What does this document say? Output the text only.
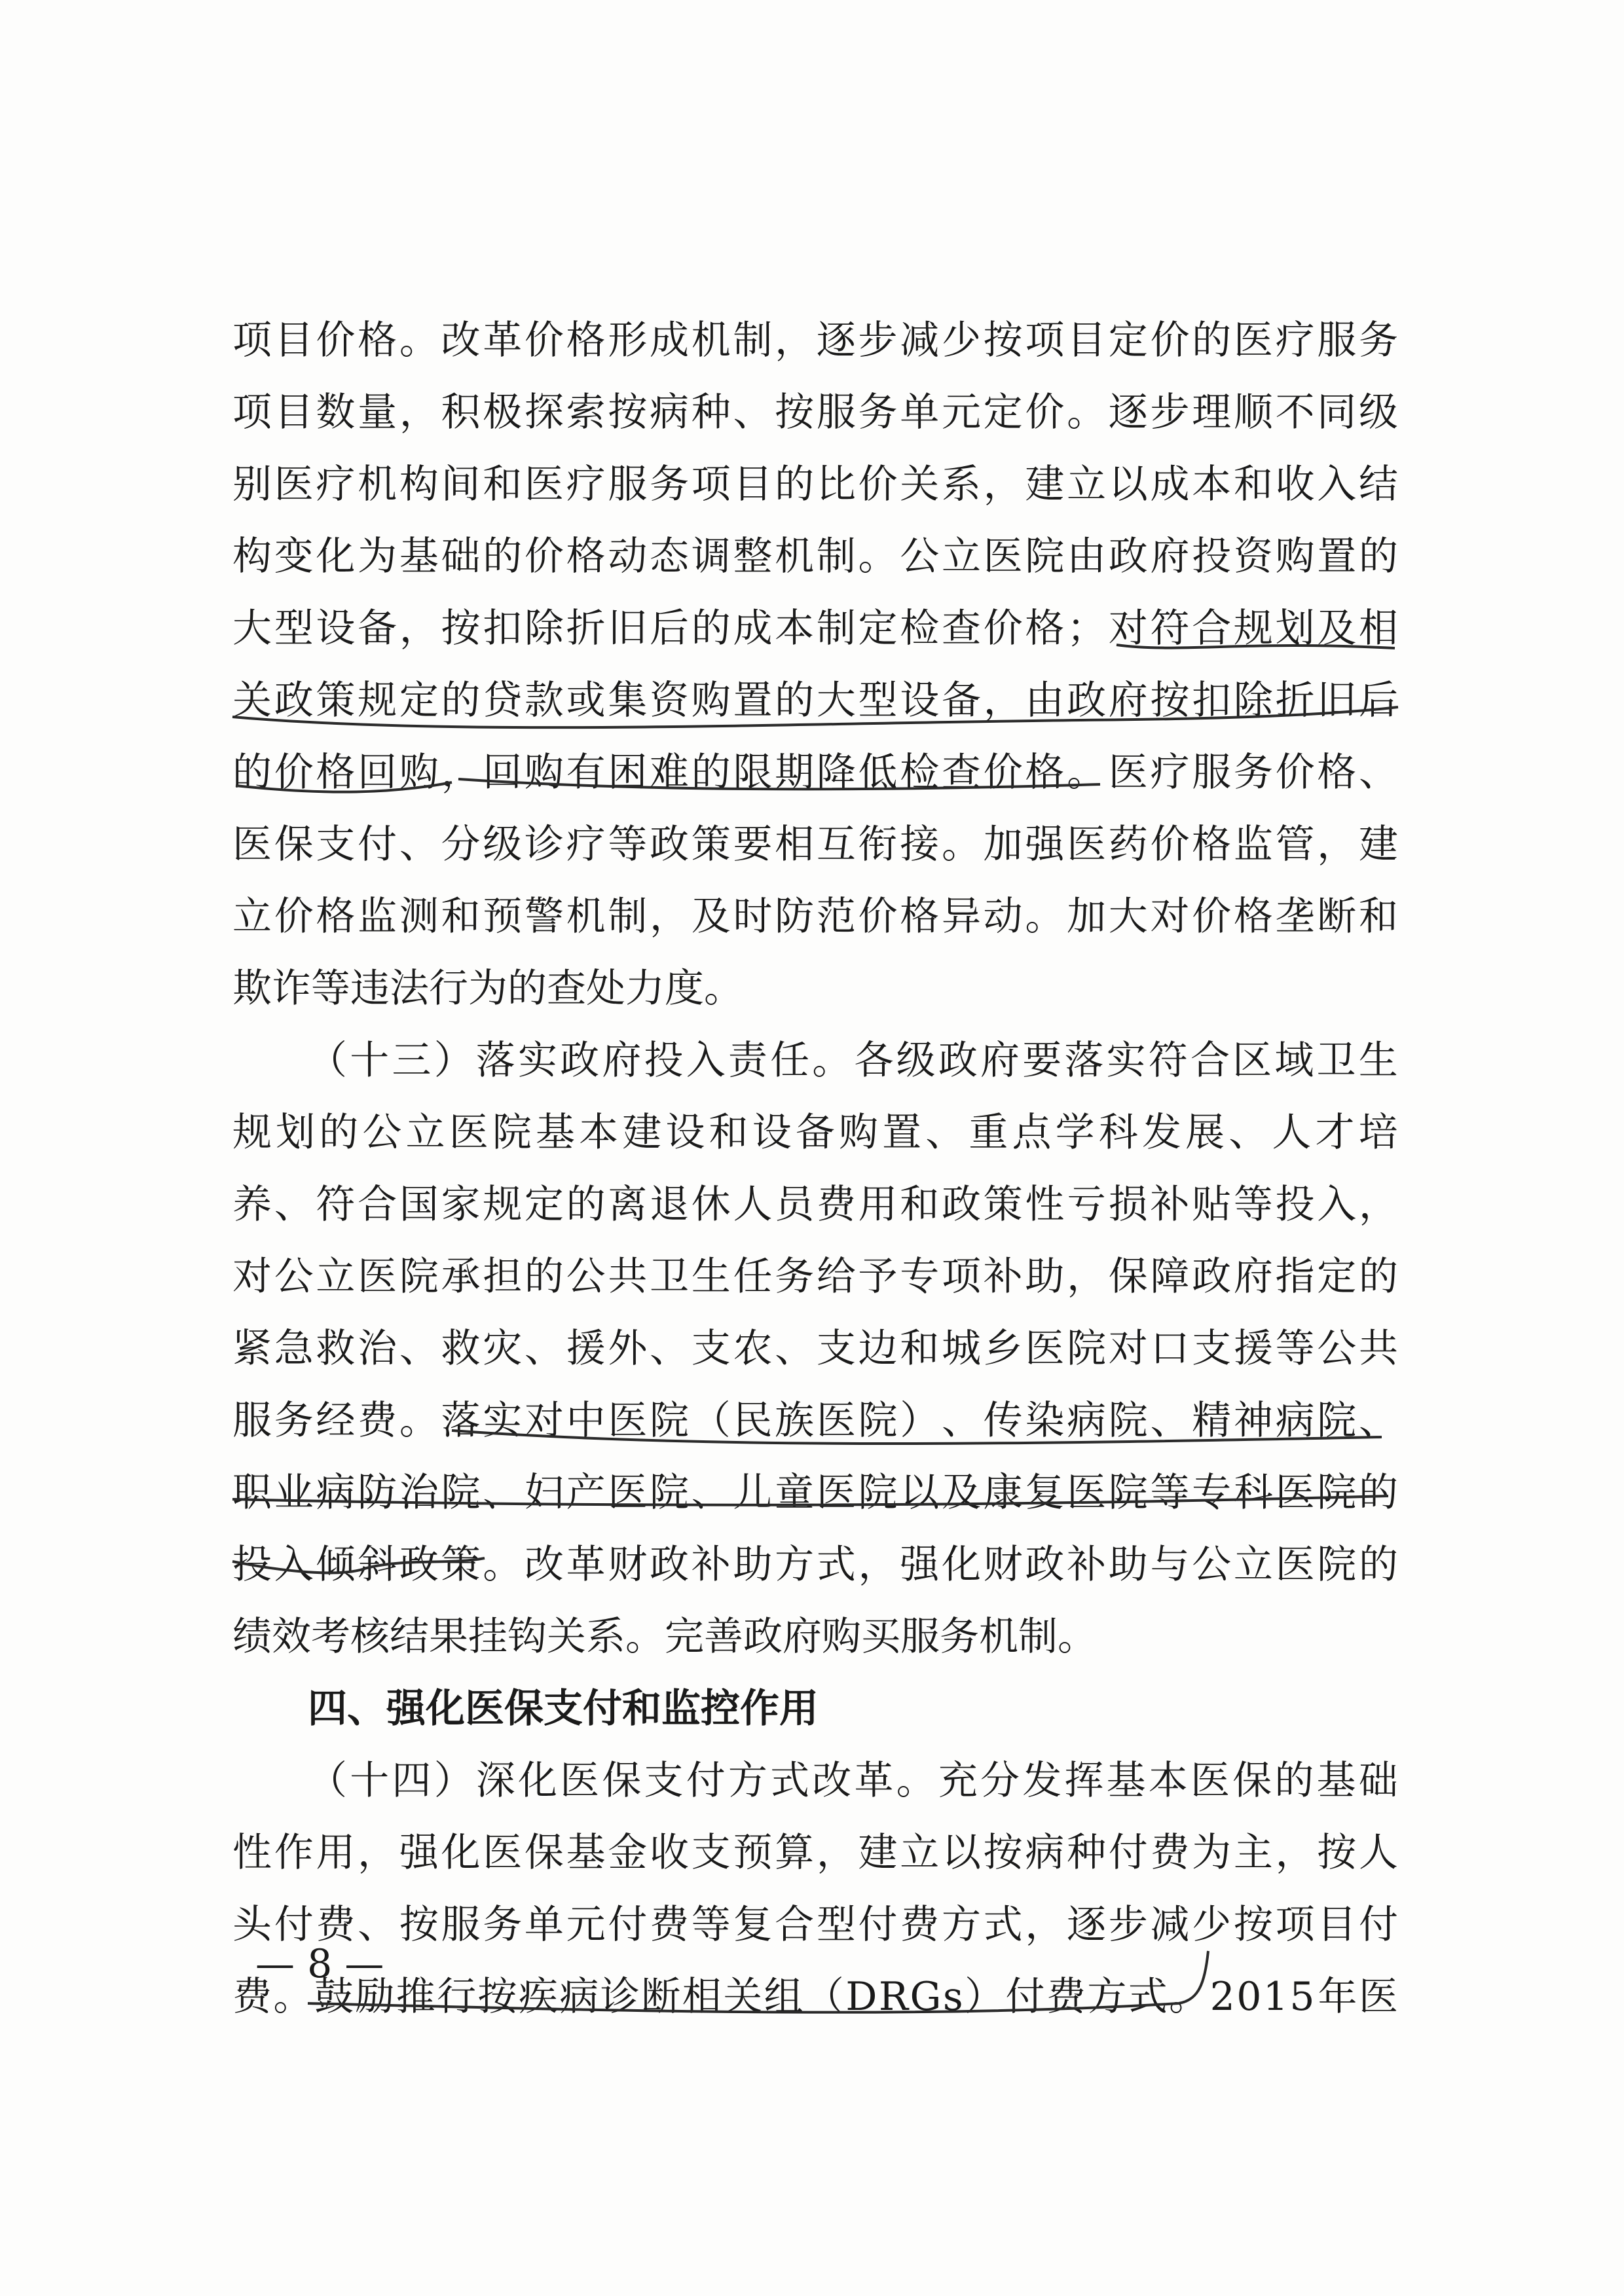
项 目 价 格 。 改 革 价 格 形 成 机 制 ， 逐 步 减 少 按 项 目 定 价 的 医 疗 服 务
项 目 数 量 ， 积 极 探 索 按 病 种 、 按 服 务 单 元 定 价 。 逐 步 理 顺 不 同 级
别 医 疗 机 构 间 和 医 疗 服 务 项 目 的 比 价 关 系 ， 建 立 以 成 本 和 收 入 结
构 变 化 为 基 础 的 价 格 动 态 调 整 机 制 。 公 立 医 院 由 政 府 投 资 购 置 的
大 型 设 备 ， 按 扣 除 折 旧 后 的 成 本 制 定 检 查 价 格 ； 对 符 合 规 划 及 相
关 政 策 规 定 的 贷 款 或 集 资 购 置 的 大 型 设 备 ， 由 政 府 按 扣 除 折 旧 后
的 价 格 回 购 ， 回 购 有 困 难 的 限 期 降 低 检 查 价 格 。 医 疗 服 务 价 格 、
医 保 支 付 、 分 级 诊 疗 等 政 策 要 相 互 衔 接 。 加 强 医 药 价 格 监 管 ， 建
立 价 格 监 测 和 预 警 机 制 ， 及 时 防 范 价 格 异 动 。 加 大 对 价 格 垄 断 和
欺诈等违法行为的查处力度。
（ 十 三 ） 落 实 政 府 投 入 责 任 。 各 级 政 府 要 落 实 符 合 区 域 卫 生
规 划 的 公 立 医 院 基 本 建 设 和 设 备 购 置 、 重 点 学 科 发 展 、 人 才 培
养 、 符 合 国 家 规 定 的 离 退 休 人 员 费 用 和 政 策 性 亏 损 补 贴 等 投 入 ，
对 公 立 医 院 承 担 的 公 共 卫 生 任 务 给 予 专 项 补 助 ， 保 障 政 府 指 定 的
紧 急 救 治 、 救 灾 、 援 外 、 支 农 、 支 边 和 城 乡 医 院 对 口 支 援 等 公 共
服 务 经 费 。 落 实 对 中 医 院 （ 民 族 医 院 ） 、 传 染 病 院 、 精 神 病 院 、
职 业 病 防 治 院 、 妇 产 医 院 、 儿 童 医 院 以 及 康 复 医 院 等 专 科 医 院 的
投 入 倾 斜 政 策 。 改 革 财 政 补 助 方 式 ， 强 化 财 政 补 助 与 公 立 医 院 的
绩效考核结果挂钩关系。完善政府购买服务机制。
四、强化医保支付和监控作用
（ 十 四 ） 深 化 医 保 支 付 方 式 改 革 。 充 分 发 挥 基 本 医 保 的 基 础
性 作 用 ， 强 化 医 保 基 金 收 支 预 算 ， 建 立 以 按 病 种 付 费 为 主 ， 按 人
头 付 费 、 按 服 务 单 元 付 费 等 复 合 型 付 费 方 式 ， 逐 步 减 少 按 项 目 付
费 。 鼓 励 推 行 按 疾 病 诊 断 相 关 组 （ D R G s ） 付 费 方 式 。 2 0 1 5 年 医
— 8 —
